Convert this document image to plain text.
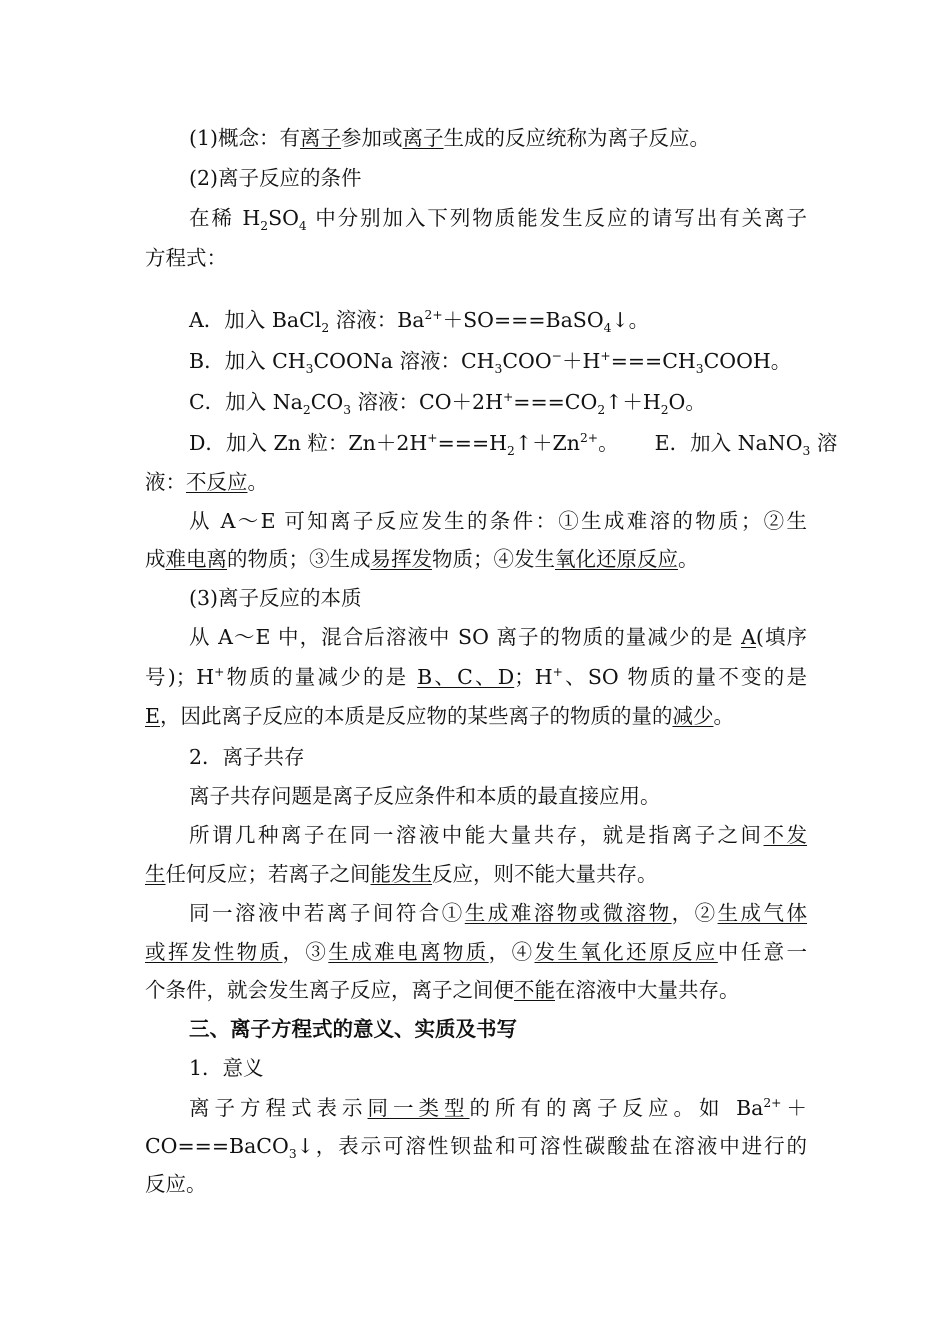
(1)概念：有离子参加或离子生成的反应统称为离子反应。
(2)离子反应的条件
在稀 $H_2SO_4$ 中分别加入下列物质能发生反应的请写出有关离子
方程式：
A．加入 BaCl$_2$ 溶液：$Ba^{2+}+SO===BaSO_4↓$。
B．加入 $CH_3COONa$ 溶液：$CH_3COO^-+H^+===CH_3COOH$。
C．加入 $Na_2CO_3$ 溶液：$CO+2H^+===CO_2↑+H_2O$。
D．加入 Zn 粒：$Zn+2H^+===H_2↑+Zn^{2+}$。 E．加入 NaNO$_3$ 溶
液：不反应。
从 A～E 可知离子反应发生的条件：①生成难溶的物质；②生
成难电离的物质；③生成易挥发物质；④发生氧化还原反应。
(3)离子反应的本质
从 A～E 中，混合后溶液中 SO 离子的物质的量减少的是 A(填序
号)；H+物质的量减少的是 B、C、D；H+、SO 物质的量不变的是
E，因此离子反应的本质是反应物的某些离子的物质的量的减少。
2．离子共存
离子共存问题是离子反应条件和本质的最直接应用。
所谓几种离子在同一溶液中能大量共存，就是指离子之间不发
生任何反应；若离子之间能发生反应，则不能大量共存。
同一溶液中若离子间符合①生成难溶物或微溶物，②生成气体
或挥发性物质，③生成难电离物质，④发生氧化还原反应中任意一
个条件，就会发生离子反应，离子之间便不能在溶液中大量共存。
三、离子方程式的意义、实质及书写
1．意义
离子方程式表示同一类型的所有的离子反应。如 $Ba^{2+}+$
CO===BaCO$_3$↓，表示可溶性钡盐和可溶性碳酸盐在溶液中进行的
反应。
